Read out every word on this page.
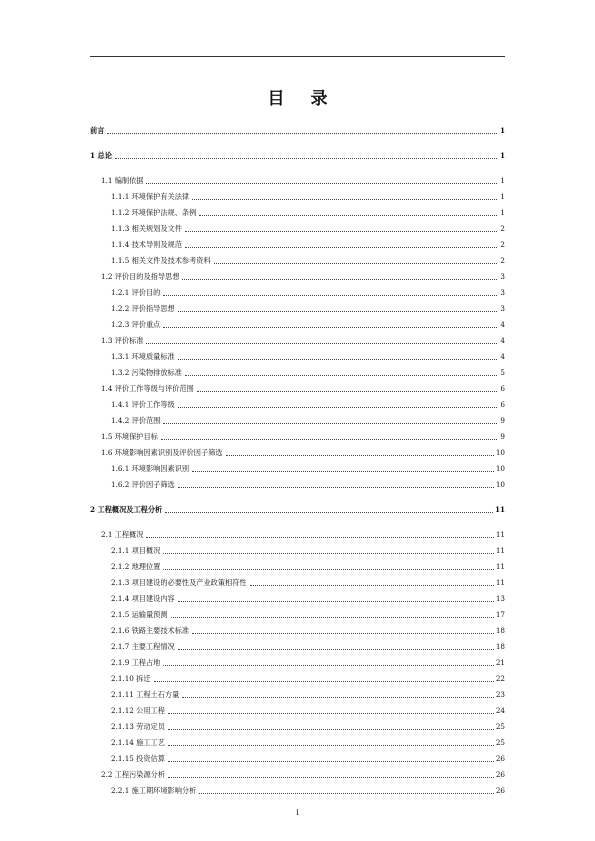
目 录
前言	1
1 总论	1
1.1 编制依据	1
1.1.1 环境保护有关法律	1
1.1.2 环境保护法规、条例	1
1.1.3 相关规划及文件	2
1.1.4 技术导则及规范	2
1.1.5 相关文件及技术参考资料	2
1.2 评价目的及指导思想	3
1.2.1 评价目的	3
1.2.2 评价指导思想	3
1.2.3 评价重点	4
1.3 评价标准	4
1.3.1 环境质量标准	4
1.3.2 污染物排放标准	5
1.4 评价工作等级与评价范围	6
1.4.1 评价工作等级	6
1.4.2 评价范围	9
1.5 环境保护目标	9
1.6 环境影响因素识别及评价因子筛选	10
1.6.1 环境影响因素识别	10
1.6.2 评价因子筛选	10
2 工程概况及工程分析	11
2.1 工程概况	11
2.1.1 项目概况	11
2.1.2 地理位置	11
2.1.3 项目建设的必要性及产业政策相符性	11
2.1.4 项目建设内容	13
2.1.5 运输量预测	17
2.1.6 铁路主要技术标准	18
2.1.7 主要工程情况	18
2.1.9 工程占地	21
2.1.10 拆迁	22
2.1.11 工程土石方量	23
2.1.12 公用工程	24
2.1.13 劳动定员	25
2.1.14 施工工艺	25
2.1.15 投资估算	26
2.2 工程污染源分析	26
2.2.1 施工期环境影响分析	26
i
